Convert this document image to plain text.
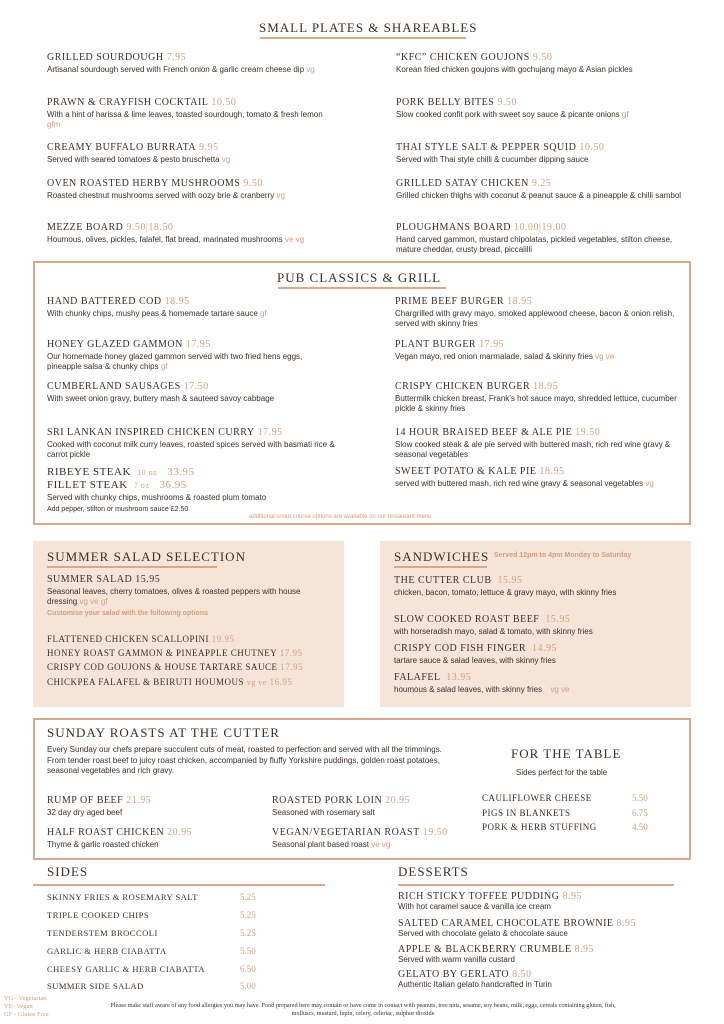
SMALL PLATES & SHAREABLES
GRILLED SOURDOUGH 7.95
Artisanal sourdough served with French onion & garlic cream cheese dip vg
“KFC” CHICKEN GOUJONS 9.50
Korean fried chicken goujons with gochujang mayo & Asian pickles
PRAWN & CRAYFISH COCKTAIL 10.50
With a hint of harissa & lime leaves, toasted sourdough, tomato & fresh lemon gfm
PORK BELLY BITES 9.50
Slow cooked confit pork with sweet soy sauce & picante onions gf
CREAMY BUFFALO BURRATA 9.95
Served with seared tomatoes & pesto bruschetta vg
THAI STYLE SALT & PEPPER SQUID 10.50
Served with Thai style chilli & cucumber dipping sauce
OVEN ROASTED HERBY MUSHROOMS 9.50
Roasted chestnut mushrooms served with oozy brie & cranberry vg
GRILLED SATAY CHICKEN 9.25
Grilled chicken thighs with coconut & peanut sauce & a pineapple & chilli sambol
MEZZE BOARD 9.50|18.50
Houmous, olives, pickles, falafel, flat bread, marinated mushrooms ve vg
PLOUGHMANS BOARD 10.00|19.00
Hand carved gammon, mustard chipolatas, pickled vegetables, stilton cheese, mature cheddar, crusty bread, piccalilli
PUB CLASSICS & GRILL
HAND BATTERED COD 18.95
With chunky chips, mushy peas & homemade tartare sauce gf
PRIME BEEF BURGER 18.95
Chargrilled with gravy mayo, smoked applewood cheese, bacon & onion relish, served with skinny fries
HONEY GLAZED GAMMON 17.95
Our homemade honey glazed gammon served with two fried hens eggs, pineapple salsa & chunky chips gf
PLANT BURGER 17.95
Vegan mayo, red onion marmalade, salad & skinny fries vg ve
CUMBERLAND SAUSAGES 17.50
With sweet onion gravy, buttery mash & sauteed savoy cabbage
CRISPY CHICKEN BURGER 18.95
Buttermilk chicken breast, Frank’s hot sauce mayo, shredded lettuce, cucumber pickle & skinny fries
SRI LANKAN INSPIRED CHICKEN CURRY 17.95
Cooked with coconut milk curry leaves, roasted spices served with basmati rice & carrot pickle
14 HOUR BRAISED BEEF & ALE PIE 19.50
Slow cooked steak & ale pie served with buttered mash, rich red wine gravy & seasonal vegetables
RIBEYE STEAK 10 oz 33.95
FILLET STEAK 7 oz 36.95
Served with chunky chips, mushrooms & roasted plum tomato
Add pepper, stilton or mushroom sauce £2.50
SWEET POTATO & KALE PIE 18.95
served with buttered mash, rich red wine gravy & seasonal vegetables vg
additional snout course options are available on our restaurant menu
SUMMER SALAD SELECTION
SUMMER SALAD 15.95
Seasonal leaves, cherry tomatoes, olives & roasted peppers with house dressing vg ve gf
Customise your salad with the following options
FLATTENED CHICKEN SCALLOPINI 19.95
HONEY ROAST GAMMON & PINEAPPLE CHUTNEY 17.95
CRISPY COD GOUJONS & HOUSE TARTARE SAUCE 17.95
CHICKPEA FALAFEL & BEIRUTI HOUMOUS vg ve 16.95
SANDWICHES Served 12pm to 4pm Monday to Saturday
THE CUTTER CLUB 15.95
chicken, bacon, tomato, lettuce & gravy mayo, with skinny fries
SLOW COOKED ROAST BEEF 15.95
with horseradish mayo, salad & tomato, with skinny fries
CRISPY COD FISH FINGER 14.95
tartare sauce & salad leaves, with skinny fries
FALAFEL 13.95
houmous & salad leaves, with skinny fries vg ve
SUNDAY ROASTS AT THE CUTTER
Every Sunday our chefs prepare succulent cuts of meat, roasted to perfection and served with all the trimmings. From tender roast beef to juicy roast chicken, accompanied by fluffy Yorkshire puddings, golden roast potatoes, seasonal vegetables and rich gravy.
FOR THE TABLE
Sides perfect for the table
RUMP OF BEEF 21.95
32 day dry aged beef
ROASTED PORK LOIN 20.95
Seasoned with rosemary salt
HALF ROAST CHICKEN 20.95
Thyme & garlic roasted chicken
VEGAN/VEGETARIAN ROAST 19.50
Seasonal plant based roast ve vg
CAULIFLOWER CHEESE	5.50
PIGS IN BLANKETS	6.75
PORK & HERB STUFFING	4.50
SIDES
SKINNY FRIES & ROSEMARY SALT	5.25
TRIPLE COOKED CHIPS	5.25
TENDERSTEM BROCCOLI	5.25
GARLIC & HERB CIABATTA	5.50
CHEESY GARLIC & HERB CIABATTA	6.50
SUMMER SIDE SALAD	5.00
DESSERTS
RICH STICKY TOFFEE PUDDING 8.95
With hot caramel sauce & vanilla ice cream
SALTED CARAMEL CHOCOLATE BROWNIE 8.95
Served with chocolate gelato & chocolate sauce
APPLE & BLACKBERRY CRUMBLE 8.95
Served with warm vanilla custard
GELATO BY GERLATO 8.50
Authentic Italian gelato handcrafted in Turin
VG - Vegetarian
VE- Vegan
GF - Gluten Free
Please make staff aware of any food allergies you may have. Food prepared here may contain or have come in contact with peanuts, tree nuts, sesame, soy beans, milk, eggs, cereals containing gluten, fish, molluscs, mustard, lupin, celery, celeriac, sulphur dioxide
